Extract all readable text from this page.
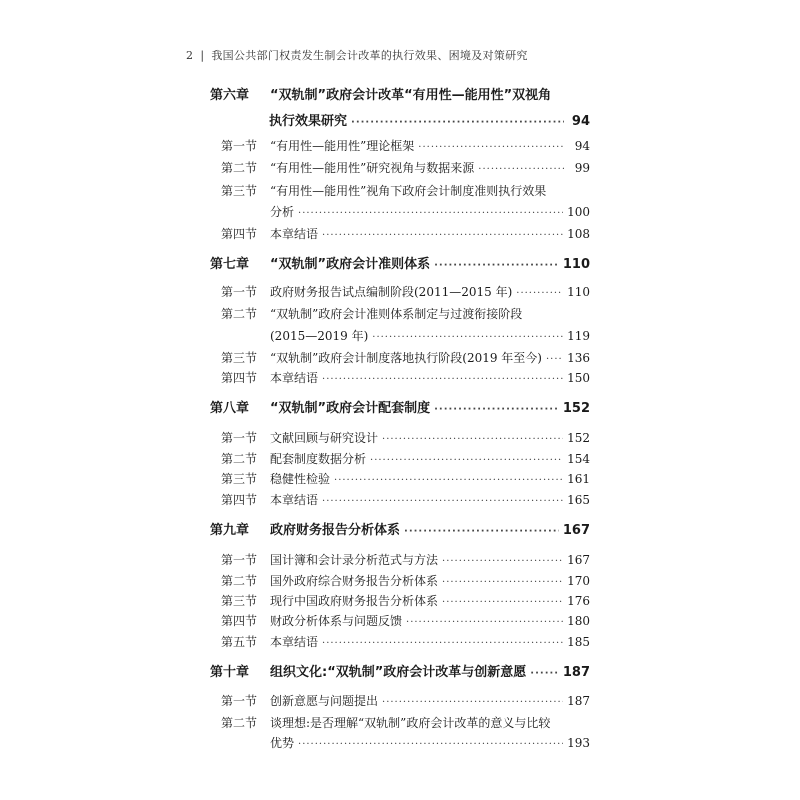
2 | 我国公共部门权责发生制会计改革的执行效果、困境及对策研究
第六章	“双轨制”政府会计改革“有用性—能用性”双视角
执行效果研究 ·····	94
第一节	“有用性—能用性”理论框架 ·····	94
第二节	“有用性—能用性”研究视角与数据来源 ·····	99
第三节	“有用性—能用性”视角下政府会计制度准则执行效果
分析 ·····	100
第四节	本章结语 ·····	108
第七章	“双轨制”政府会计准则体系 ·····	110
第一节	政府财务报告试点编制阶段(2011—2015 年) ·····	110
第二节	“双轨制”政府会计准则体系制定与过渡衔接阶段
(2015—2019 年) ·····	119
第三节	“双轨制”政府会计制度落地执行阶段(2019 年至今) ····· 136
第四节	本章结语 ·····	150
第八章	“双轨制”政府会计配套制度 ·····	152
第一节	文献回顾与研究设计 ·····	152
第二节	配套制度数据分析 ·····	154
第三节	稳健性检验 ·····	161
第四节	本章结语 ·····	165
第九章	政府财务报告分析体系 ·····	167
第一节	国计簿和会计录分析范式与方法 ·····	167
第二节	国外政府综合财务报告分析体系 ·····	170
第三节	现行中国政府财务报告分析体系 ·····	176
第四节	财政分析体系与问题反馈 ·····	180
第五节	本章结语 ·····	185
第十章	组织文化:“双轨制”政府会计改革与创新意愿 ·····	187
第一节	创新意愿与问题提出 ·····	187
第二节	谈理想:是否理解“双轨制”政府会计改革的意义与比较
优势 ·····	193
